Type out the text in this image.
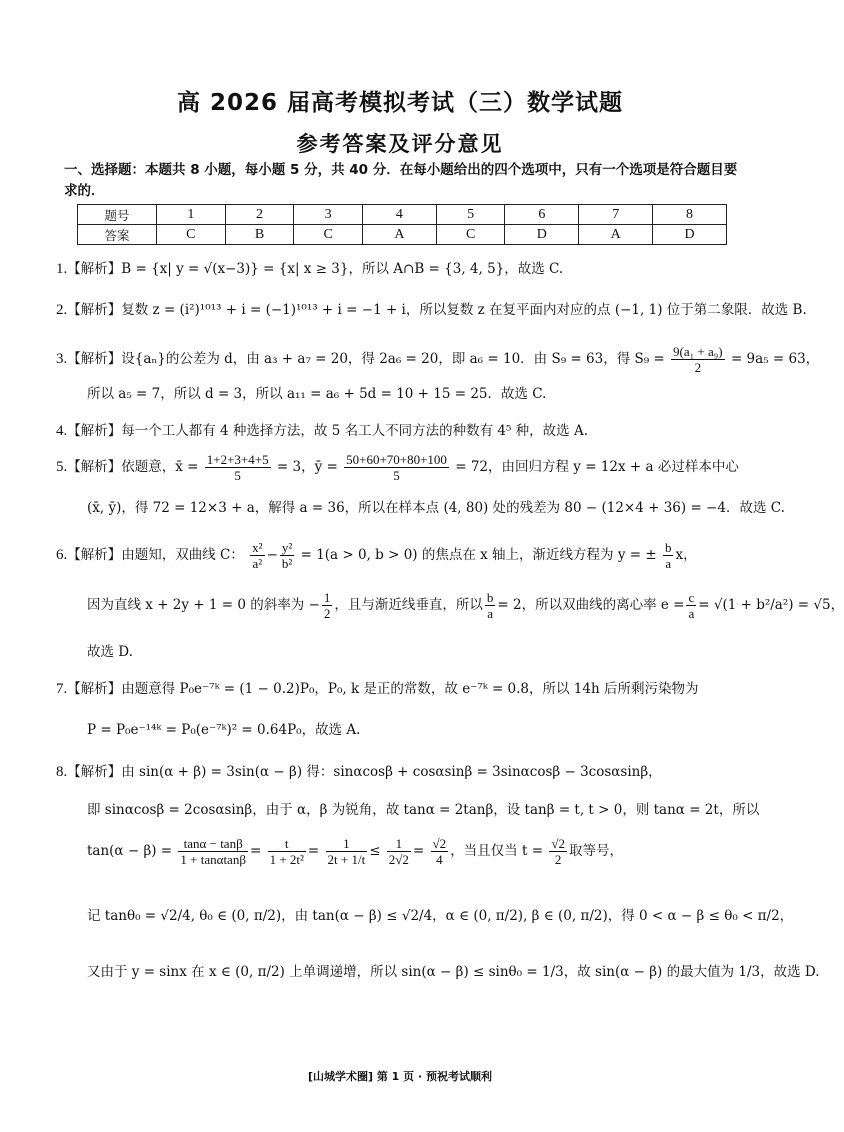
高 2026 届高考模拟考试（三）数学试题
参考答案及评分意见
一、选择题：本题共 8 小题，每小题 5 分，共 40 分．在每小题给出的四个选项中，只有一个选项是符合题目要
求的．
题号	1	2	3	4	5	6	7	8
答案	C	B	C	A	C	D	A	D
1.【解析】B = {x| y = √(x−3)} = {x| x ≥ 3}，所以 A∩B = {3, 4, 5}，故选 C.
2.【解析】复数 z = (i²)¹⁰¹³ + i = (−1)¹⁰¹³ + i = −1 + i，所以复数 z 在复平面内对应的点 (−1, 1) 位于第二象限．故选 B.
3.【解析】设{aₙ}的公差为 d，由 a₃ + a₇ = 20，得 2a₆ = 20，即 a₆ = 10．由 S₉ = 63，得 $S_9 = \frac{\text{9(a₁ + a₉)}}{2} = 9a_5 = 63$，
所以 a₅ = 7，所以 d = 3，所以 a₁₁ = a₆ + 5d = 10 + 15 = 25．故选 C.
4.【解析】每一个工人都有 4 种选择方法，故 5 名工人不同方法的种数有 4⁵ 种，故选 A.
5.【解析】依题意，x̄ = $\frac{1+2+3+4+5}{5} = 3$，ȳ = $\frac{50+60+70+80+100}{5} = 72$，由回归方程 y = 12x + a 必过样本中心
(x̄, ȳ)，得 72 = 12×3 + a，解得 a = 36，所以在样本点 (4, 80) 处的残差为 80 − (12×4 + 36) = −4．故选 C.
6.【解析】由题知，双曲线 C： $\frac{\text{x²}}{\text{a²}} - \frac{\text{y²}}{\text{b²}} = 1(a > 0$, b > 0) 的焦点在 x 轴上，渐近线方程为 y = ± $\frac{b}{a}$ x，
因为直线 x + 2y + 1 = 0 的斜率为 − $\frac{1}{2}$ ，且与渐近线垂直，所以 $\frac{b}{a} = 2$，所以双曲线的离心率 $e = \frac{c}{a} = √(1 + b^2/a^2) = √5$，
故选 D.
7.【解析】由题意得 P₀e⁻⁷ᵏ = (1 − 0.2)P₀，P₀, k 是正的常数，故 e⁻⁷ᵏ = 0.8，所以 14h 后所剩污染物为
P = P₀e⁻¹⁴ᵏ = P₀(e⁻⁷ᵏ)² = 0.64P₀，故选 A.
8.【解析】由 sin(α + β) = 3sin(α − β) 得：sinαcosβ + cosαsinβ = 3sinαcosβ − 3cosαsinβ，
即 sinαcosβ = 2cosαsinβ，由于 α，β 为锐角，故 tanα = 2tanβ，设 tanβ = t, t > 0，则 tanα = 2t，所以
$\tan(\alpha - \beta) = \frac{\tan\alpha - \tan\beta}{1 + \tan\alpha\tan\beta} = \frac{t}{\text{1 + 2t²}} = \frac{1}{2t + 1/t} \le \frac{1}{2√2} = \frac{√2}{4}$ ，当且仅当 $t = \frac{√2}{2}$ 取等号，
记 tanθ₀ = √2/4, θ₀ ∈ (0, π/2)，由 tan(α − β) ≤ √2/4，α ∈ (0, π/2), β ∈ (0, π/2)，得 0 < α − β ≤ θ₀ < π/2，
又由于 y = sinx 在 x ∈ (0, π/2) 上单调递增，所以 sin(α − β) ≤ sinθ₀ = 1/3，故 sin(α − β) 的最大值为 1/3，故选 D.
[山城学术圈] 第 1 页 · 预祝考试顺利
